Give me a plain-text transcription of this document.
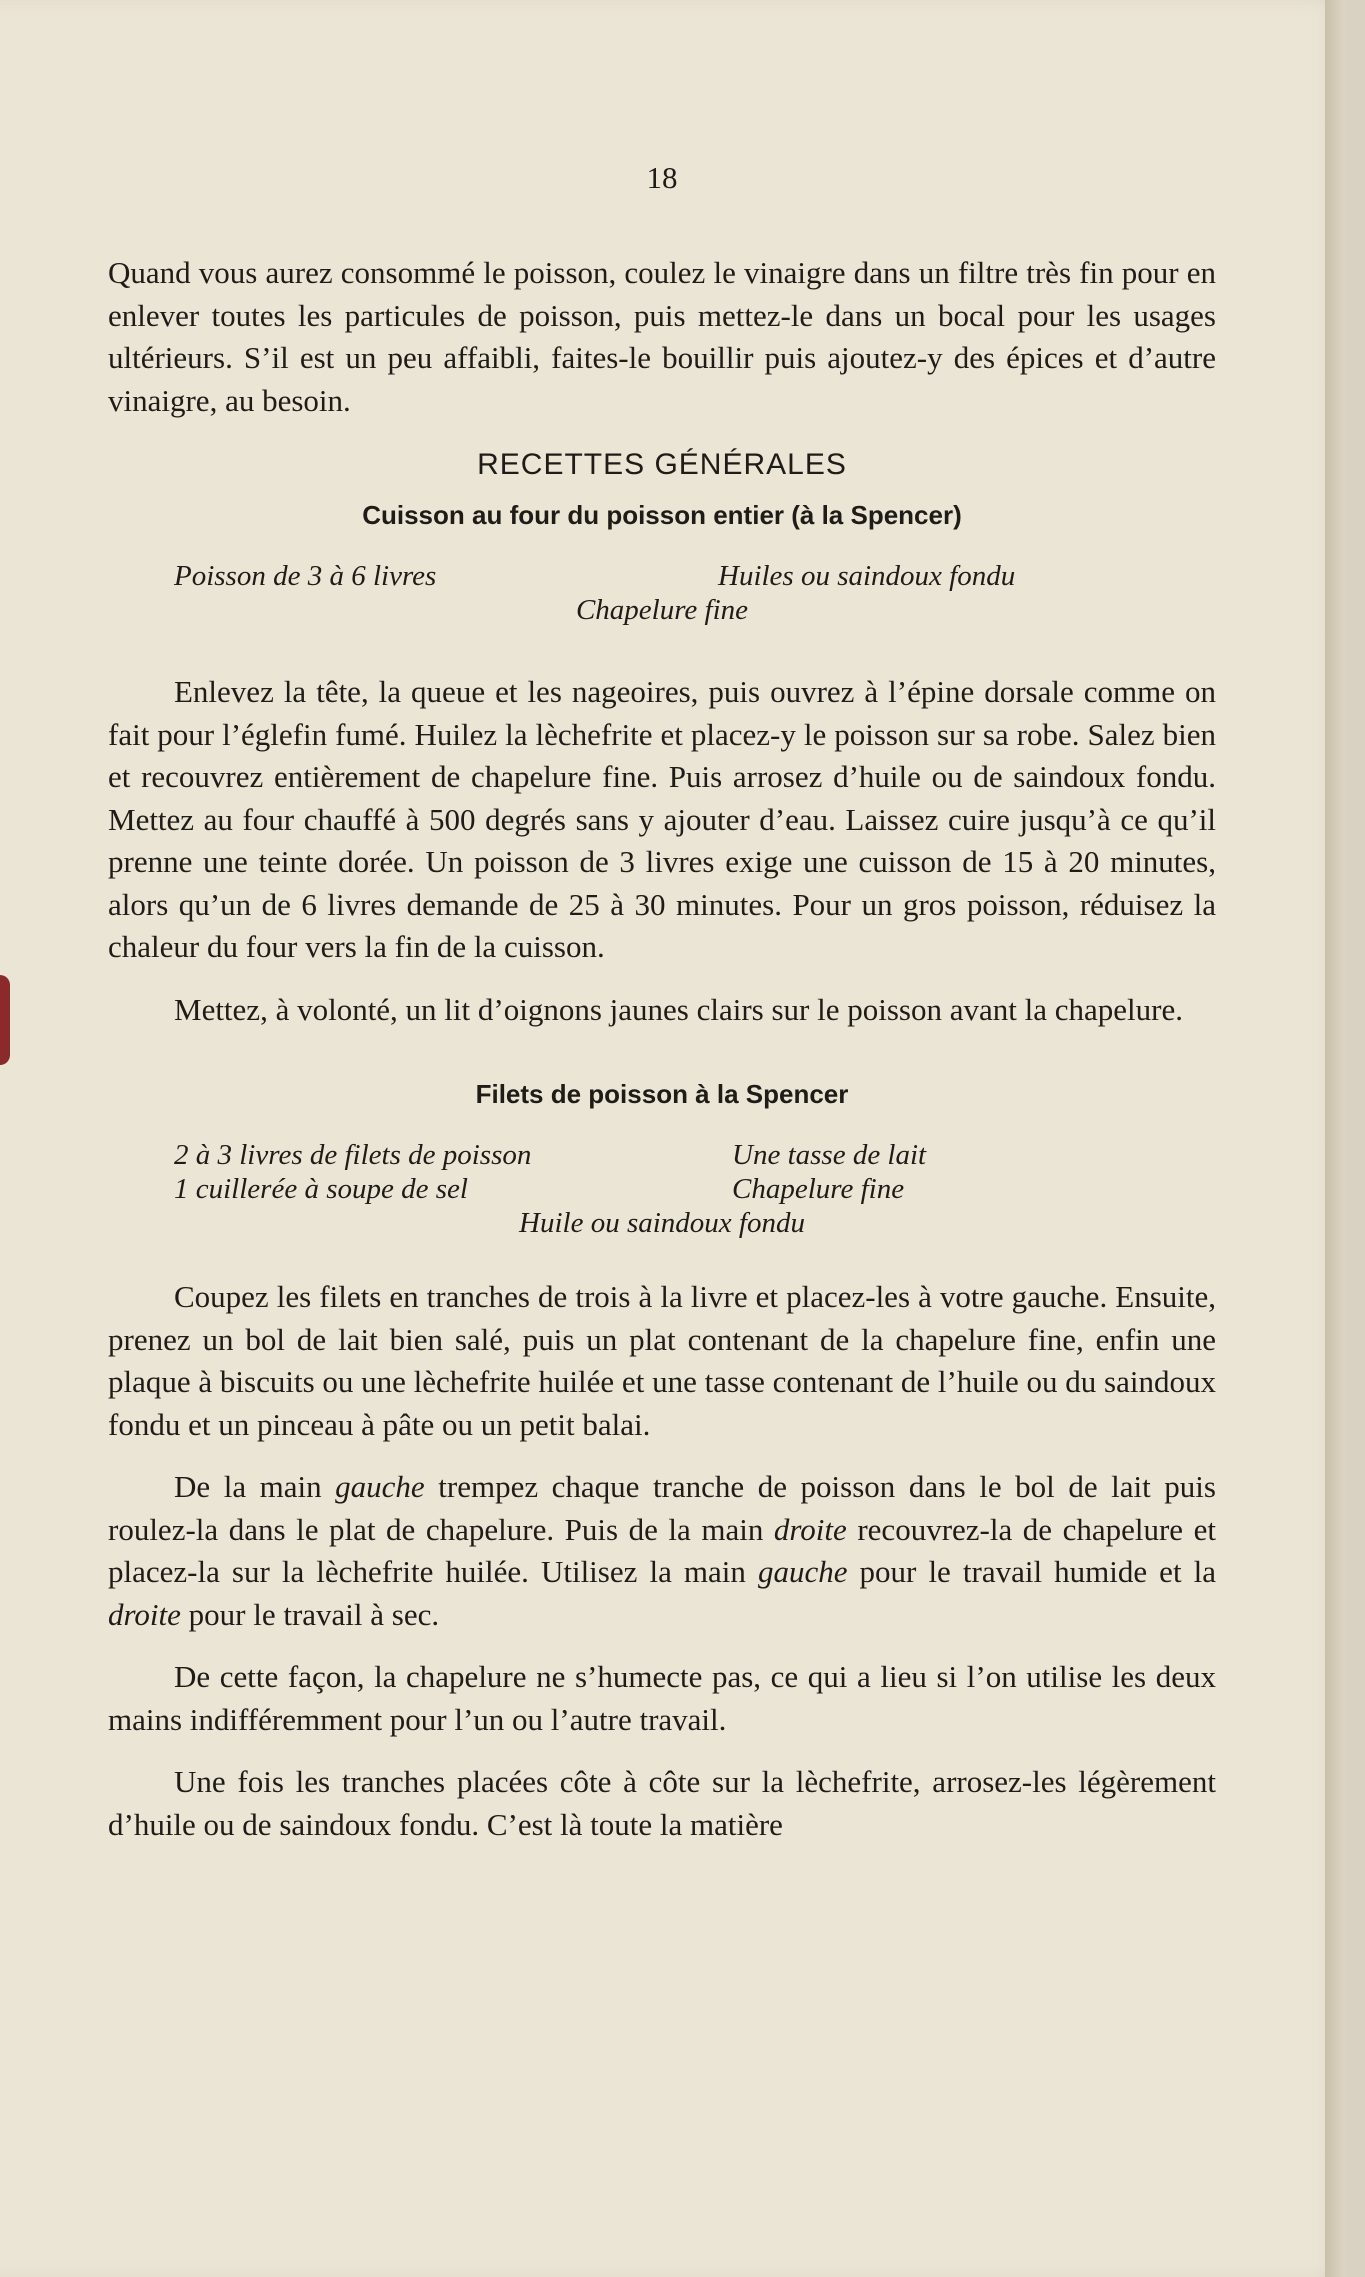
18

Quand vous aurez consommé le poisson, coulez le vinaigre dans un filtre très fin pour en enlever toutes les particules de poisson, puis mettez-le dans un bocal pour les usages ultérieurs. S’il est un peu affaibli, faites-le bouillir puis ajoutez-y des épices et d’autre vinaigre, au besoin.

RECETTES GÉNÉRALES
Cuisson au four du poisson entier (à la Spencer)
Poisson de 3 à 6 livres	Huiles ou saindoux fondu
Chapelure fine

Enlevez la tête, la queue et les nageoires, puis ouvrez à l’épine dorsale comme on fait pour l’églefin fumé. Huilez la lèchefrite et placez-y le poisson sur sa robe. Salez bien et recouvrez entièrement de chapelure fine. Puis arrosez d’huile ou de saindoux fondu. Mettez au four chauffé à 500 degrés sans y ajouter d’eau. Laissez cuire jusqu’à ce qu’il prenne une teinte dorée. Un poisson de 3 livres exige une cuisson de 15 à 20 minutes, alors qu’un de 6 livres demande de 25 à 30 minutes. Pour un gros poisson, réduisez la chaleur du four vers la fin de la cuisson.

Mettez, à volonté, un lit d’oignons jaunes clairs sur le poisson avant la chapelure.

Filets de poisson à la Spencer
2 à 3 livres de filets de poisson	Une tasse de lait
1 cuillerée à soupe de sel	Chapelure fine
Huile ou saindoux fondu

Coupez les filets en tranches de trois à la livre et placez-les à votre gauche. Ensuite, prenez un bol de lait bien salé, puis un plat contenant de la chapelure fine, enfin une plaque à biscuits ou une lèchefrite huilée et une tasse contenant de l’huile ou du saindoux fondu et un pinceau à pâte ou un petit balai.

De la main gauche trempez chaque tranche de poisson dans le bol de lait puis roulez-la dans le plat de chapelure. Puis de la main droite recouvrez-la de chapelure et placez-la sur la lèchefrite huilée. Utilisez la main gauche pour le travail humide et la droite pour le travail à sec.

De cette façon, la chapelure ne s’humecte pas, ce qui a lieu si l’on utilise les deux mains indifféremment pour l’un ou l’autre travail.

Une fois les tranches placées côte à côte sur la lèchefrite, arrosez-les légèrement d’huile ou de saindoux fondu. C’est là toute la matière
